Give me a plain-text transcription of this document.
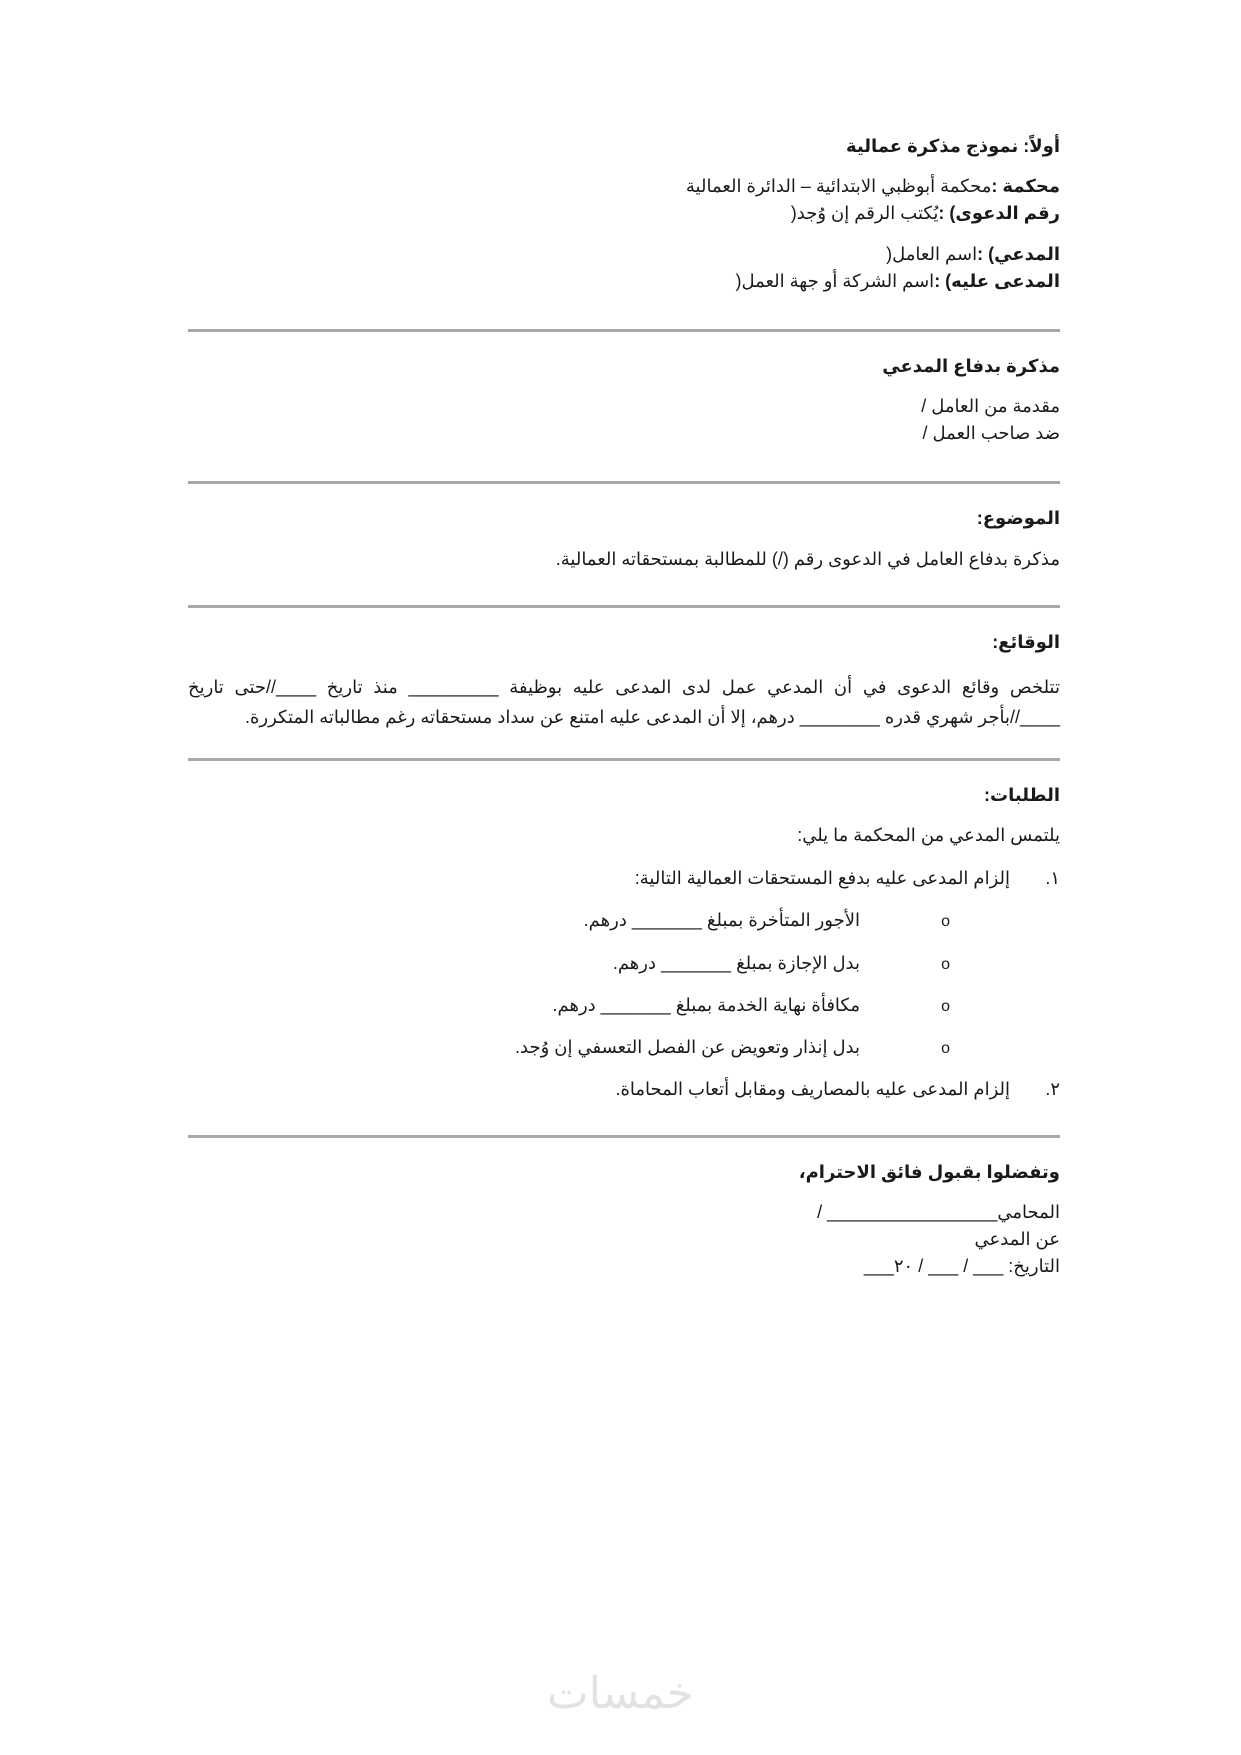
أولاً: نموذج مذكرة عمالية
محكمة :محكمة أبوظبي الابتدائية – الدائرة العمالية
رقم الدعوى) :يُكتب الرقم إن وُجد(
المدعي) :اسم العامل(
المدعى عليه) :اسم الشركة أو جهة العمل(
مذكرة بدفاع المدعي
مقدمة من العامل /
ضد صاحب العمل /
الموضوع:
مذكرة بدفاع العامل في الدعوى رقم (/) للمطالبة بمستحقاته العمالية.
الوقائع:
تتلخص وقائع الدعوى في أن المدعي عمل لدى المدعى عليه بوظيفة _________ منذ تاريخ ____//حتى تاريخ
____//بأجر شهري قدره ________ درهم، إلا أن المدعى عليه امتنع عن سداد مستحقاته رغم مطالباته المتكررة.
الطلبات:
يلتمس المدعي من المحكمة ما يلي:
١.إلزام المدعى عليه بدفع المستحقات العمالية التالية:
oالأجور المتأخرة بمبلغ _______ درهم.
oبدل الإجازة بمبلغ _______ درهم.
oمكافأة نهاية الخدمة بمبلغ _______ درهم.
oبدل إنذار وتعويض عن الفصل التعسفي إن وُجد.
٢.إلزام المدعى عليه بالمصاريف ومقابل أتعاب المحاماة.
وتفضلوا بقبول فائق الاحترام،
المحامي_________________ /
عن المدعي
التاريخ: ___ / ___ / ٢٠___
خمسات
